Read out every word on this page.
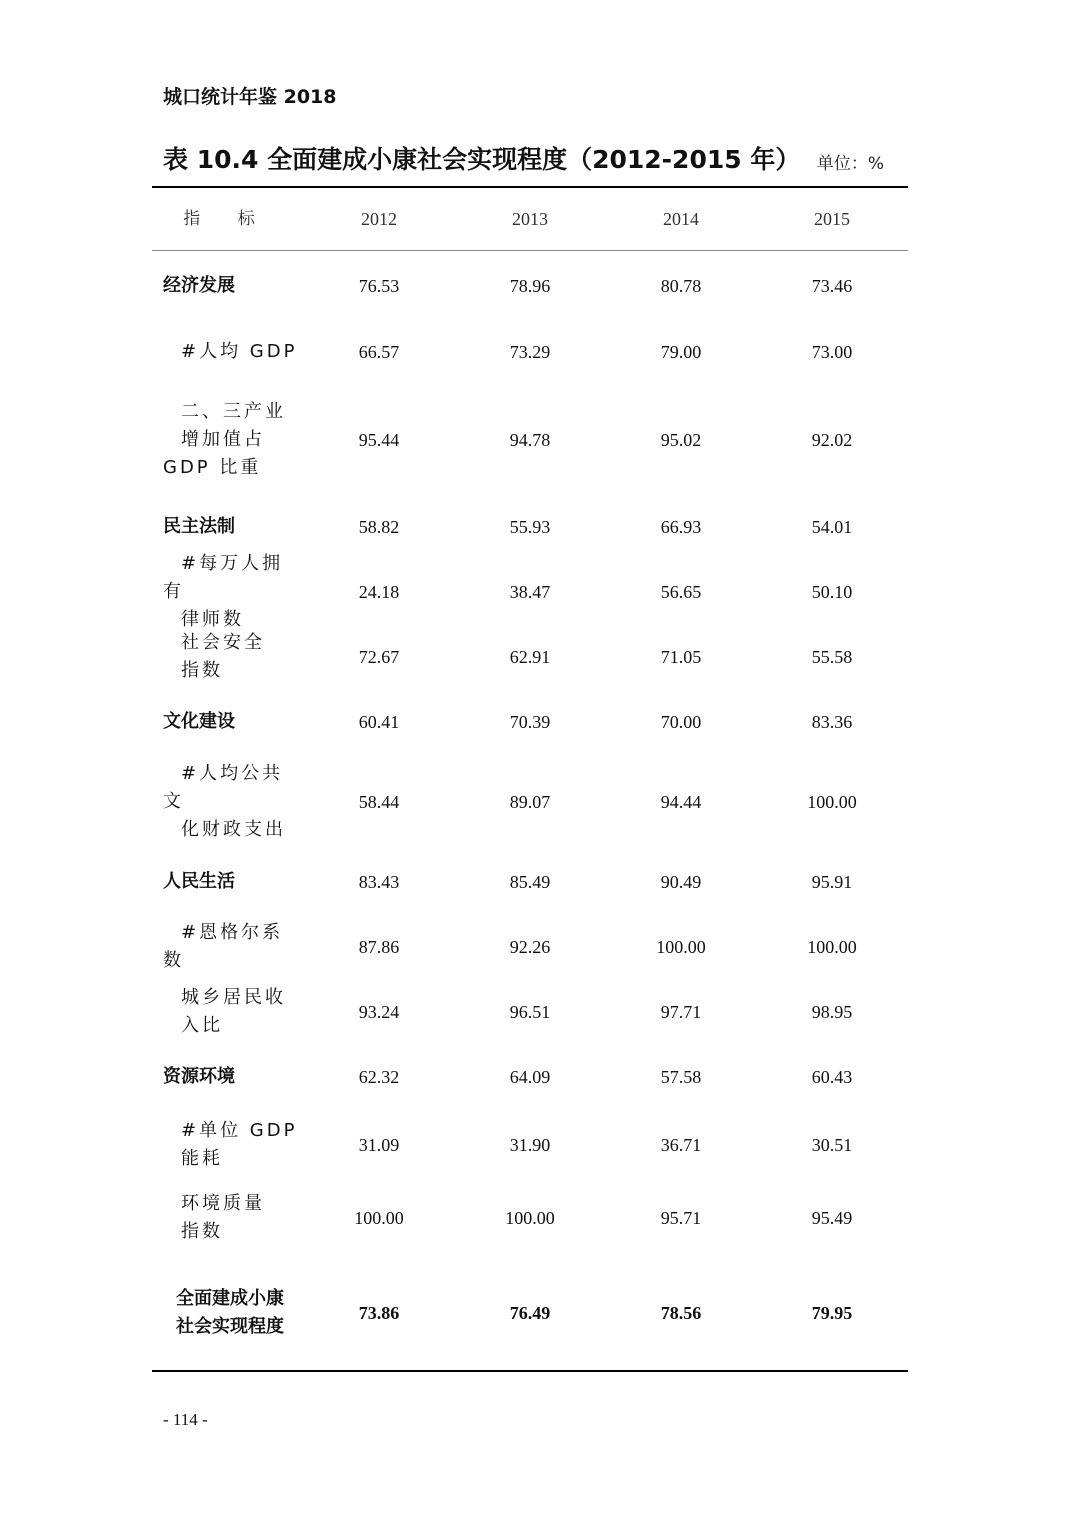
城口统计年鉴 2018
表 10.4 全面建成小康社会实现程度（2012-2015 年） 单位：%
指 标	2012	2013	2014	2015
经济发展	76.53	78.96	80.78	73.46
#人均 GDP	66.57	73.29	79.00	73.00
二、三产业
增加值占 GDP 比重
95.44	94.78	95.02	92.02
民主法制	58.82	55.93	66.93	54.01
#每万人拥有
律师数
24.18	38.47	56.65	50.10
社会安全
指数
72.67	62.91	71.05	55.58
文化建设	60.41	70.39	70.00	83.36
#人均公共文
化财政支出
58.44	89.07	94.44	100.00
人民生活	83.43	85.49	90.49	95.91
#恩格尔系数
87.86	92.26	100.00	100.00
城乡居民收
入比
93.24	96.51	97.71	98.95
资源环境	62.32	64.09	57.58	60.43
#单位 GDP
能耗
31.09	31.90	36.71	30.51
环境质量
指数
100.00	100.00	95.71	95.49
全面建成小康
社会实现程度
73.86	76.49	78.56	79.95
- 114 -
